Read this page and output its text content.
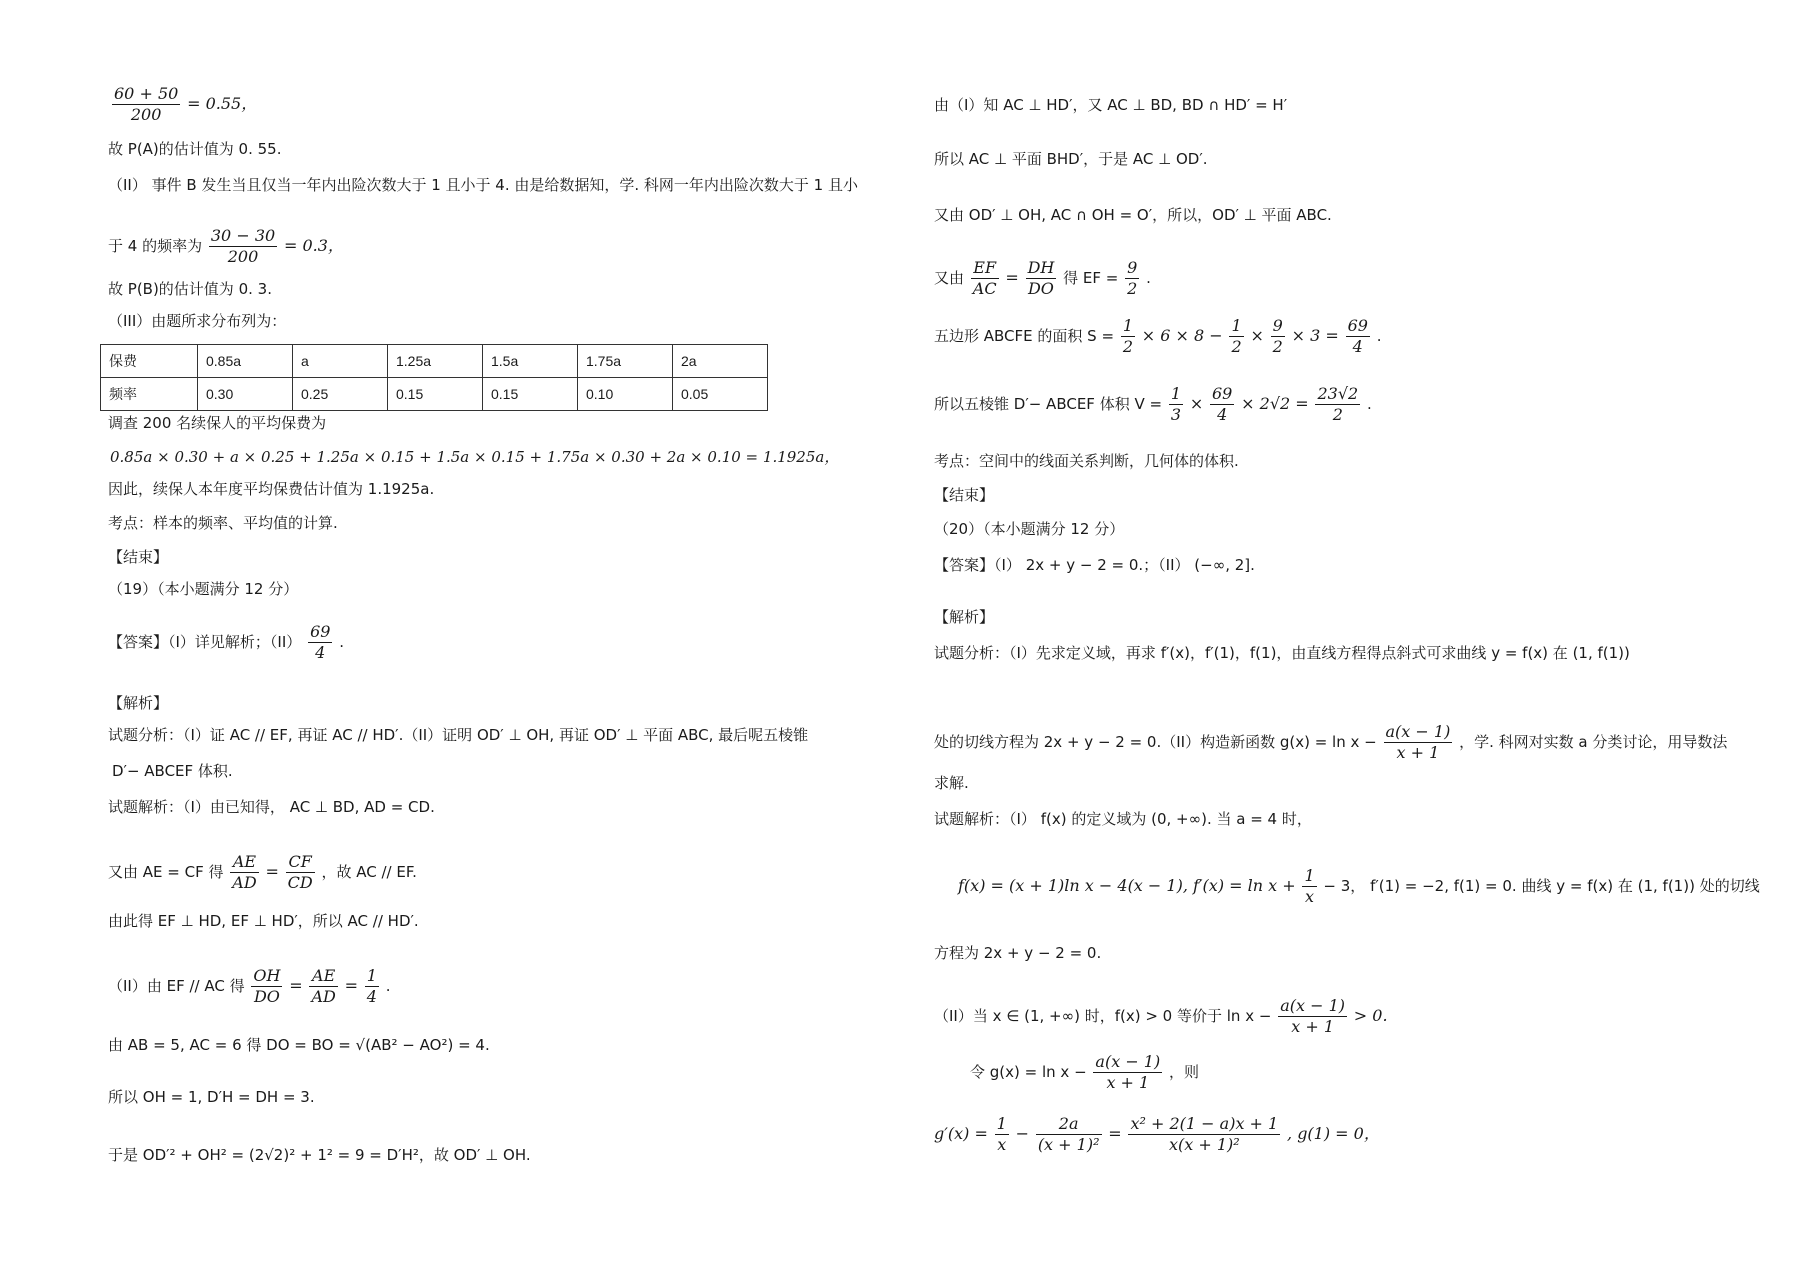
$\frac{60 + 50}{200} = 0.55$，
故 P(A)的估计值为 0. 55.
（II） 事件 B 发生当且仅当一年内出险次数大于 1 且小于 4. 由是给数据知，学. 科网一年内出险次数大于 1 且小
于 4 的频率为 $\frac{30 - 30}{200} = 0.3$，
故 P(B)的估计值为 0. 3.
（III）由题所求分布列为：
保费	0.85a	a	1.25a	1.5a	1.75a	2a
频率	0.30	0.25	0.15	0.15	0.10	0.05
调查 200 名续保人的平均保费为
0.85a × 0.30 + a × 0.25 + 1.25a × 0.15 + 1.5a × 0.15 + 1.75a × 0.30 + 2a × 0.10 = 1.1925a，
因此，续保人本年度平均保费估计值为 1.1925a.
考点：样本的频率、平均值的计算.
【结束】
（19）（本小题满分 12 分）
【答案】（I）详见解析；$(II) \frac{69}{4}$ .
【解析】
试题分析：（I）证 AC // EF, 再证 AC // HD′.（II）证明 OD′ ⊥ OH, 再证 OD′ ⊥ 平面 ABC, 最后呢五棱锥
D′− ABCEF 体积.
试题解析：（I）由已知得， AC ⊥ BD, AD = CD.
又由 AE = CF 得 $\frac{AE}{AD} = \frac{CF}{CD}$ ，故 AC // EF.
由此得 EF ⊥ HD, EF ⊥ HD′，所以 AC // HD′.
（II）由 EF // AC 得 $\frac{OH}{DO} = \frac{AE}{AD} = \frac{1}{4}$ .
由 AB = 5, AC = 6 得 DO = BO = √(AB² − AO²) = 4.
所以 OH = 1, D′H = DH = 3.
于是 OD′² + OH² = (2√2)² + 1² = 9 = D′H²，故 OD′ ⊥ OH.
由（I）知 AC ⊥ HD′，又 AC ⊥ BD, BD ∩ HD′ = H′
所以 AC ⊥ 平面 BHD′，于是 AC ⊥ OD′.
又由 OD′ ⊥ OH, AC ∩ OH = O′，所以，OD′ ⊥ 平面 ABC.
又由 $\frac{EF}{AC} = \frac{DH}{DO}$ 得 EF = $\frac{9}{2}$ .
五边形 ABCFE 的面积 $S = \frac{1}{2} \times 6 \times 8 - \frac{1}{2} \times \frac{9}{2} \times 3 = \frac{69}{4}$ .
所以五棱锥 D′− ABCEF 体积 $V = \frac{1}{3} \times \frac{69}{4} \times 2√2 = \frac{23√2}{2}$ .
考点：空间中的线面关系判断，几何体的体积.
【结束】
（20）（本小题满分 12 分）
【答案】（I） 2x + y − 2 = 0.；（II） (−∞, 2].
【解析】
试题分析：（I）先求定义域，再求 f′(x)，f′(1)，f(1)，由直线方程得点斜式可求曲线 y = f(x) 在 (1, f(1))
处的切线方程为 2x + y − 2 = 0.（II）构造新函数 $g(x) = \ln x - \frac{a(x - 1)}{x + 1}$ ，学. 科网对实数 a 分类讨论，用导数法
求解.
试题解析：（I） f(x) 的定义域为 (0, +∞). 当 a = 4 时，
f(x) = (x + 1)ln x − 4(x − 1), $f'(x) = \ln x + \frac{1}{x} - 3$， f′(1) = −2, f(1) = 0. 曲线 y = f(x) 在 (1, f(1)) 处的切线
方程为 2x + y − 2 = 0.
（II）当 x ∈ (1, +∞) 时，f(x) > 0 等价于 $\ln x - \frac{a(x - 1)}{x + 1} > 0$.
令 $g(x) = \ln x - \frac{a(x - 1)}{x + 1}$ ，则
$g'(x) = \frac{1}{x} - \frac{2a}{\text{(x + 1)²}} = \frac{\text{x² + 2(1 − a)x + 1}}{\text{x(x + 1)²}}$ , g(1) = 0，
